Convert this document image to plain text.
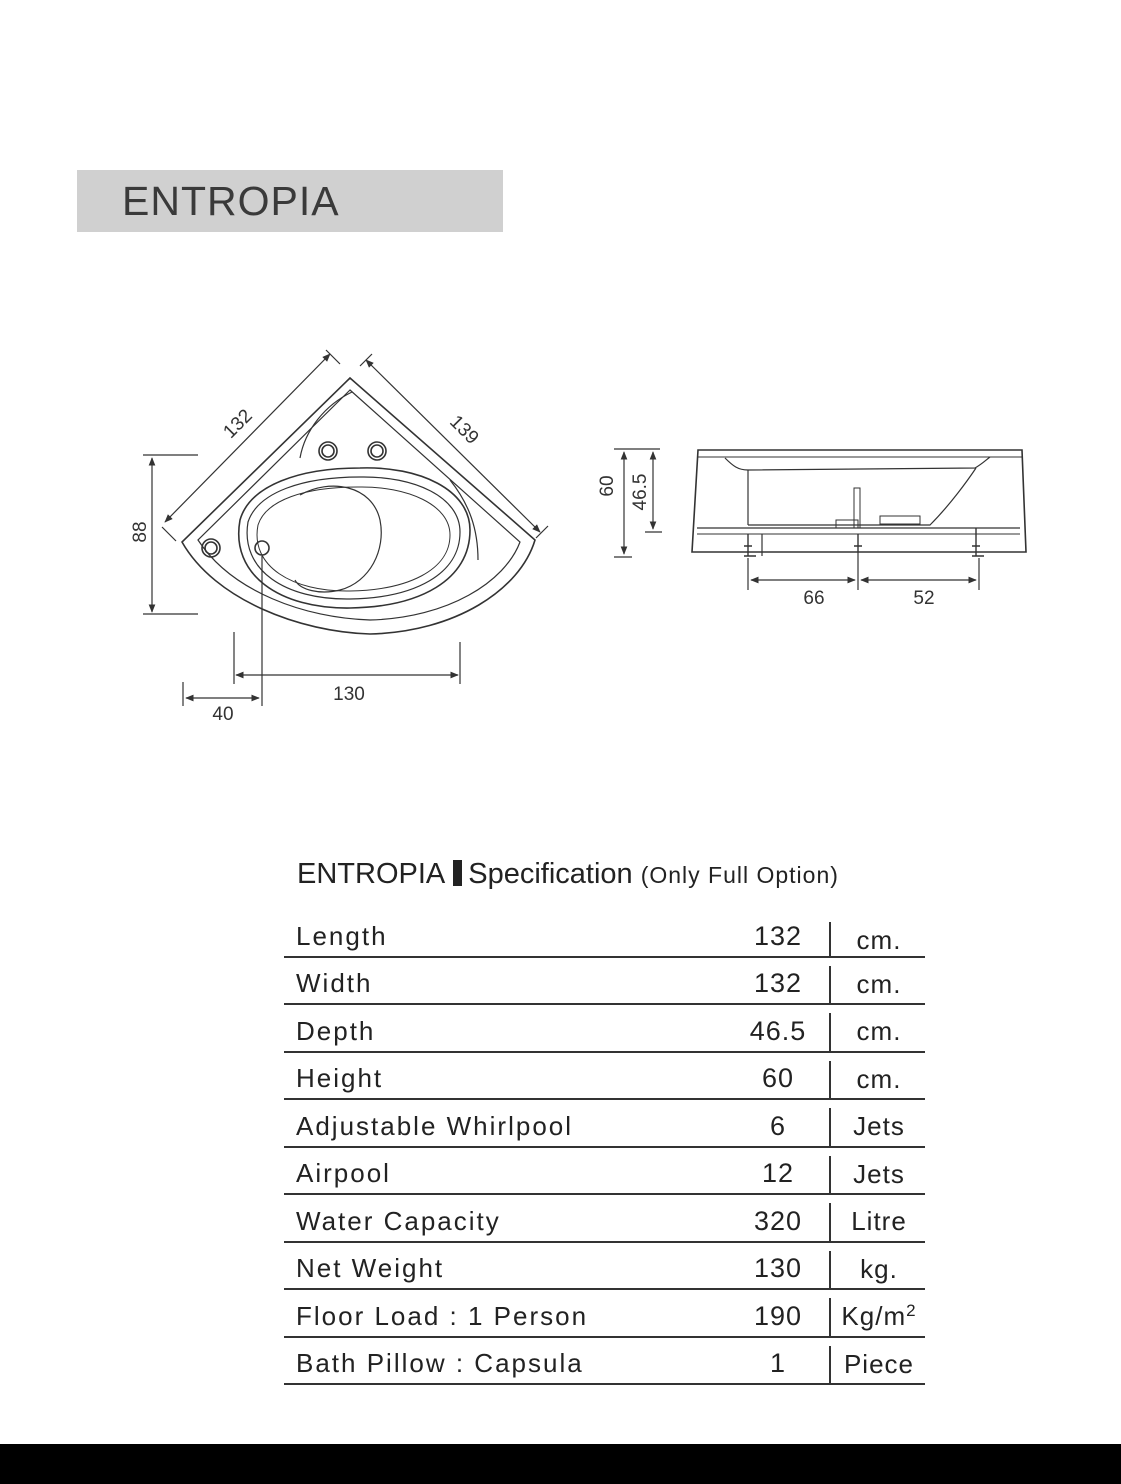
ENTROPIA
132	139
88
130
40
60 46.5
66	52
ENTROPIA Specification (Only Full Option)
Length	132	cm.
Width	132	cm.
Depth	46.5	cm.
Height	60	cm.
Adjustable Whirlpool	6	Jets
Airpool	12	Jets
Water Capacity	320	Litre
Net Weight	130	kg.
Floor Load : 1 Person	190	$Kg/m^2$
Bath Pillow : Capsula	1	Piece
